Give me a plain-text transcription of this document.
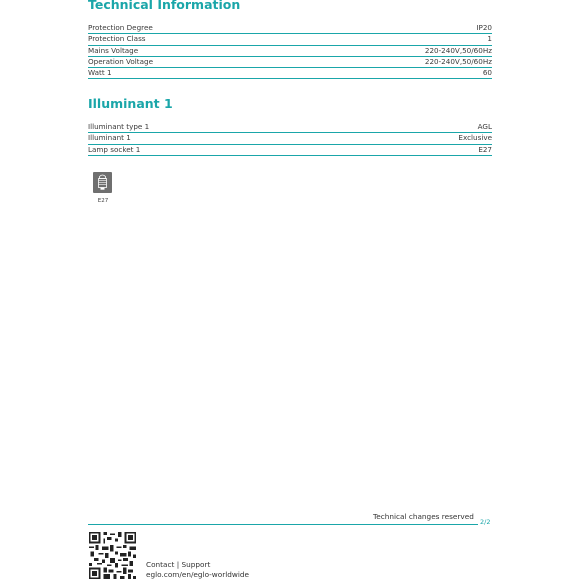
Technical Information
Protection Degree	IP20
Protection Class	1
Mains Voltage	220-240V,50/60Hz
Operation Voltage	220-240V,50/60Hz
Watt 1	60
Illuminant 1
Illuminant type 1	AGL
Illuminant 1	Exclusive
Lamp socket 1	E27
E27
Technical changes reserved
2/2
Contact | Support
eglo.com/en/eglo-worldwide
